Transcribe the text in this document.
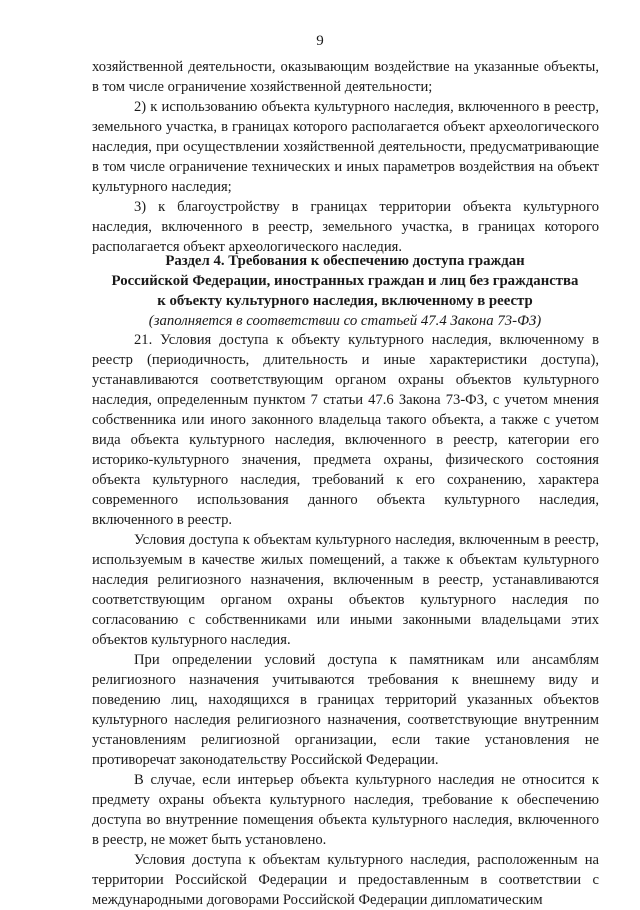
9

хозяйственной деятельности, оказывающим воздействие на указанные объекты, в том числе ограничение хозяйственной деятельности;

2) к использованию объекта культурного наследия, включенного в реестр, земельного участка, в границах которого располагается объект археологического наследия, при осуществлении хозяйственной деятельности, предусматривающие в том числе ограничение технических и иных параметров воздействия на объект культурного наследия;

3) к благоустройству в границах территории объекта культурного наследия, включенного в реестр, земельного участка, в границах которого располагается объект археологического наследия.

Раздел 4. Требования к обеспечению доступа граждан
Российской Федерации, иностранных граждан и лиц без гражданства
к объекту культурного наследия, включенному в реестр
(заполняется в соответствии со статьей 47.4 Закона 73-ФЗ)

21. Условия доступа к объекту культурного наследия, включенному в реестр (периодичность, длительность и иные характеристики доступа), устанавливаются соответствующим органом охраны объектов культурного наследия, определенным пунктом 7 статьи 47.6 Закона 73-ФЗ, с учетом мнения собственника или иного законного владельца такого объекта, а также с учетом вида объекта культурного наследия, включенного в реестр, категории его историко-культурного значения, предмета охраны, физического состояния объекта культурного наследия, требований к его сохранению, характера современного использования данного объекта культурного наследия, включенного в реестр.

Условия доступа к объектам культурного наследия, включенным в реестр, используемым в качестве жилых помещений, а также к объектам культурного наследия религиозного назначения, включенным в реестр, устанавливаются соответствующим органом охраны объектов культурного наследия по согласованию с собственниками или иными законными владельцами этих объектов культурного наследия.

При определении условий доступа к памятникам или ансамблям религиозного назначения учитываются требования к внешнему виду и поведению лиц, находящихся в границах территорий указанных объектов культурного наследия религиозного назначения, соответствующие внутренним установлениям религиозной организации, если такие установления не противоречат законодательству Российской Федерации.

В случае, если интерьер объекта культурного наследия не относится к предмету охраны объекта культурного наследия, требование к обеспечению доступа во внутренние помещения объекта культурного наследия, включенного в реестр, не может быть установлено.

Условия доступа к объектам культурного наследия, расположенным на территории Российской Федерации и предоставленным в соответствии с международными договорами Российской Федерации дипломатическим
